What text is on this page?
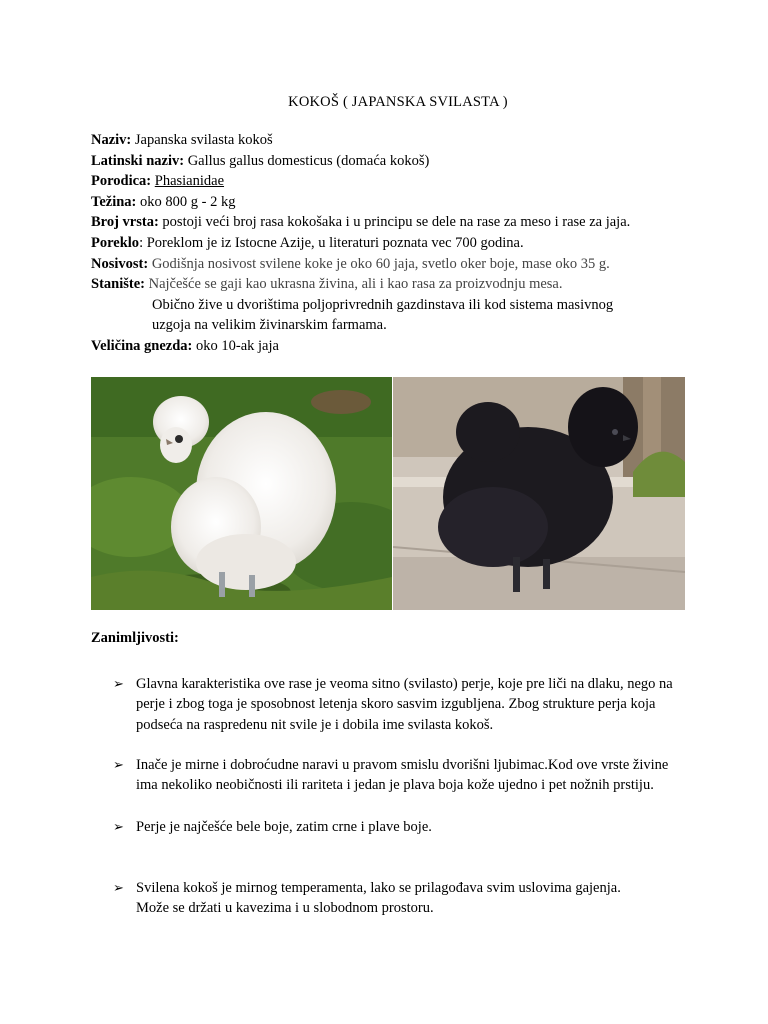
KOKOŠ ( JAPANSKA SVILASTA )
Naziv: Japanska svilasta kokoš
Latinski naziv: Gallus gallus domesticus (domaća kokoš)
Porodica: Phasianidae
Težina: oko 800 g - 2 kg
Broj vrsta: postoji veći broj rasa kokošaka i u principu se dele na rase za meso i rase za jaja.
Poreklo: Poreklom je iz Istocne Azije, u literaturi poznata vec 700 godina.
Nosivost: Godišnja nosivost svilene koke je oko 60 jaja, svetlo oker boje, mase oko 35 g.
Stanište: Najčešće se gaji kao ukrasna živina, ali i kao rasa za proizvodnju mesa.
Obično žive u dvorištima poljoprivrednih gazdinstava ili kod sistema masivnog
uzgoja na velikim živinarskim farmama.
Veličina gnezda: oko 10-ak jaja
Zanimljivosti:
➢ Glavna karakteristika ove rase je veoma sitno (svilasto) perje, koje pre liči na dlaku, nego na
perje i zbog toga je sposobnost letenja skoro sasvim izgubljena. Zbog strukture perja koja
podseća na raspredenu nit svile je i dobila ime svilasta kokoš.
➢ Inače je mirne i dobroćudne naravi u pravom smislu dvorišni ljubimac.Kod ove vrste živine
ima nekoliko neobičnosti ili rariteta i jedan je plava boja kože ujedno i pet nožnih prstiju.
➢ Perje je najčešće bele boje, zatim crne i plave boje.
➢ Svilena kokoš je mirnog temperamenta, lako se prilagođava svim uslovima gajenja.
Može se držati u kavezima i u slobodnom prostoru.
